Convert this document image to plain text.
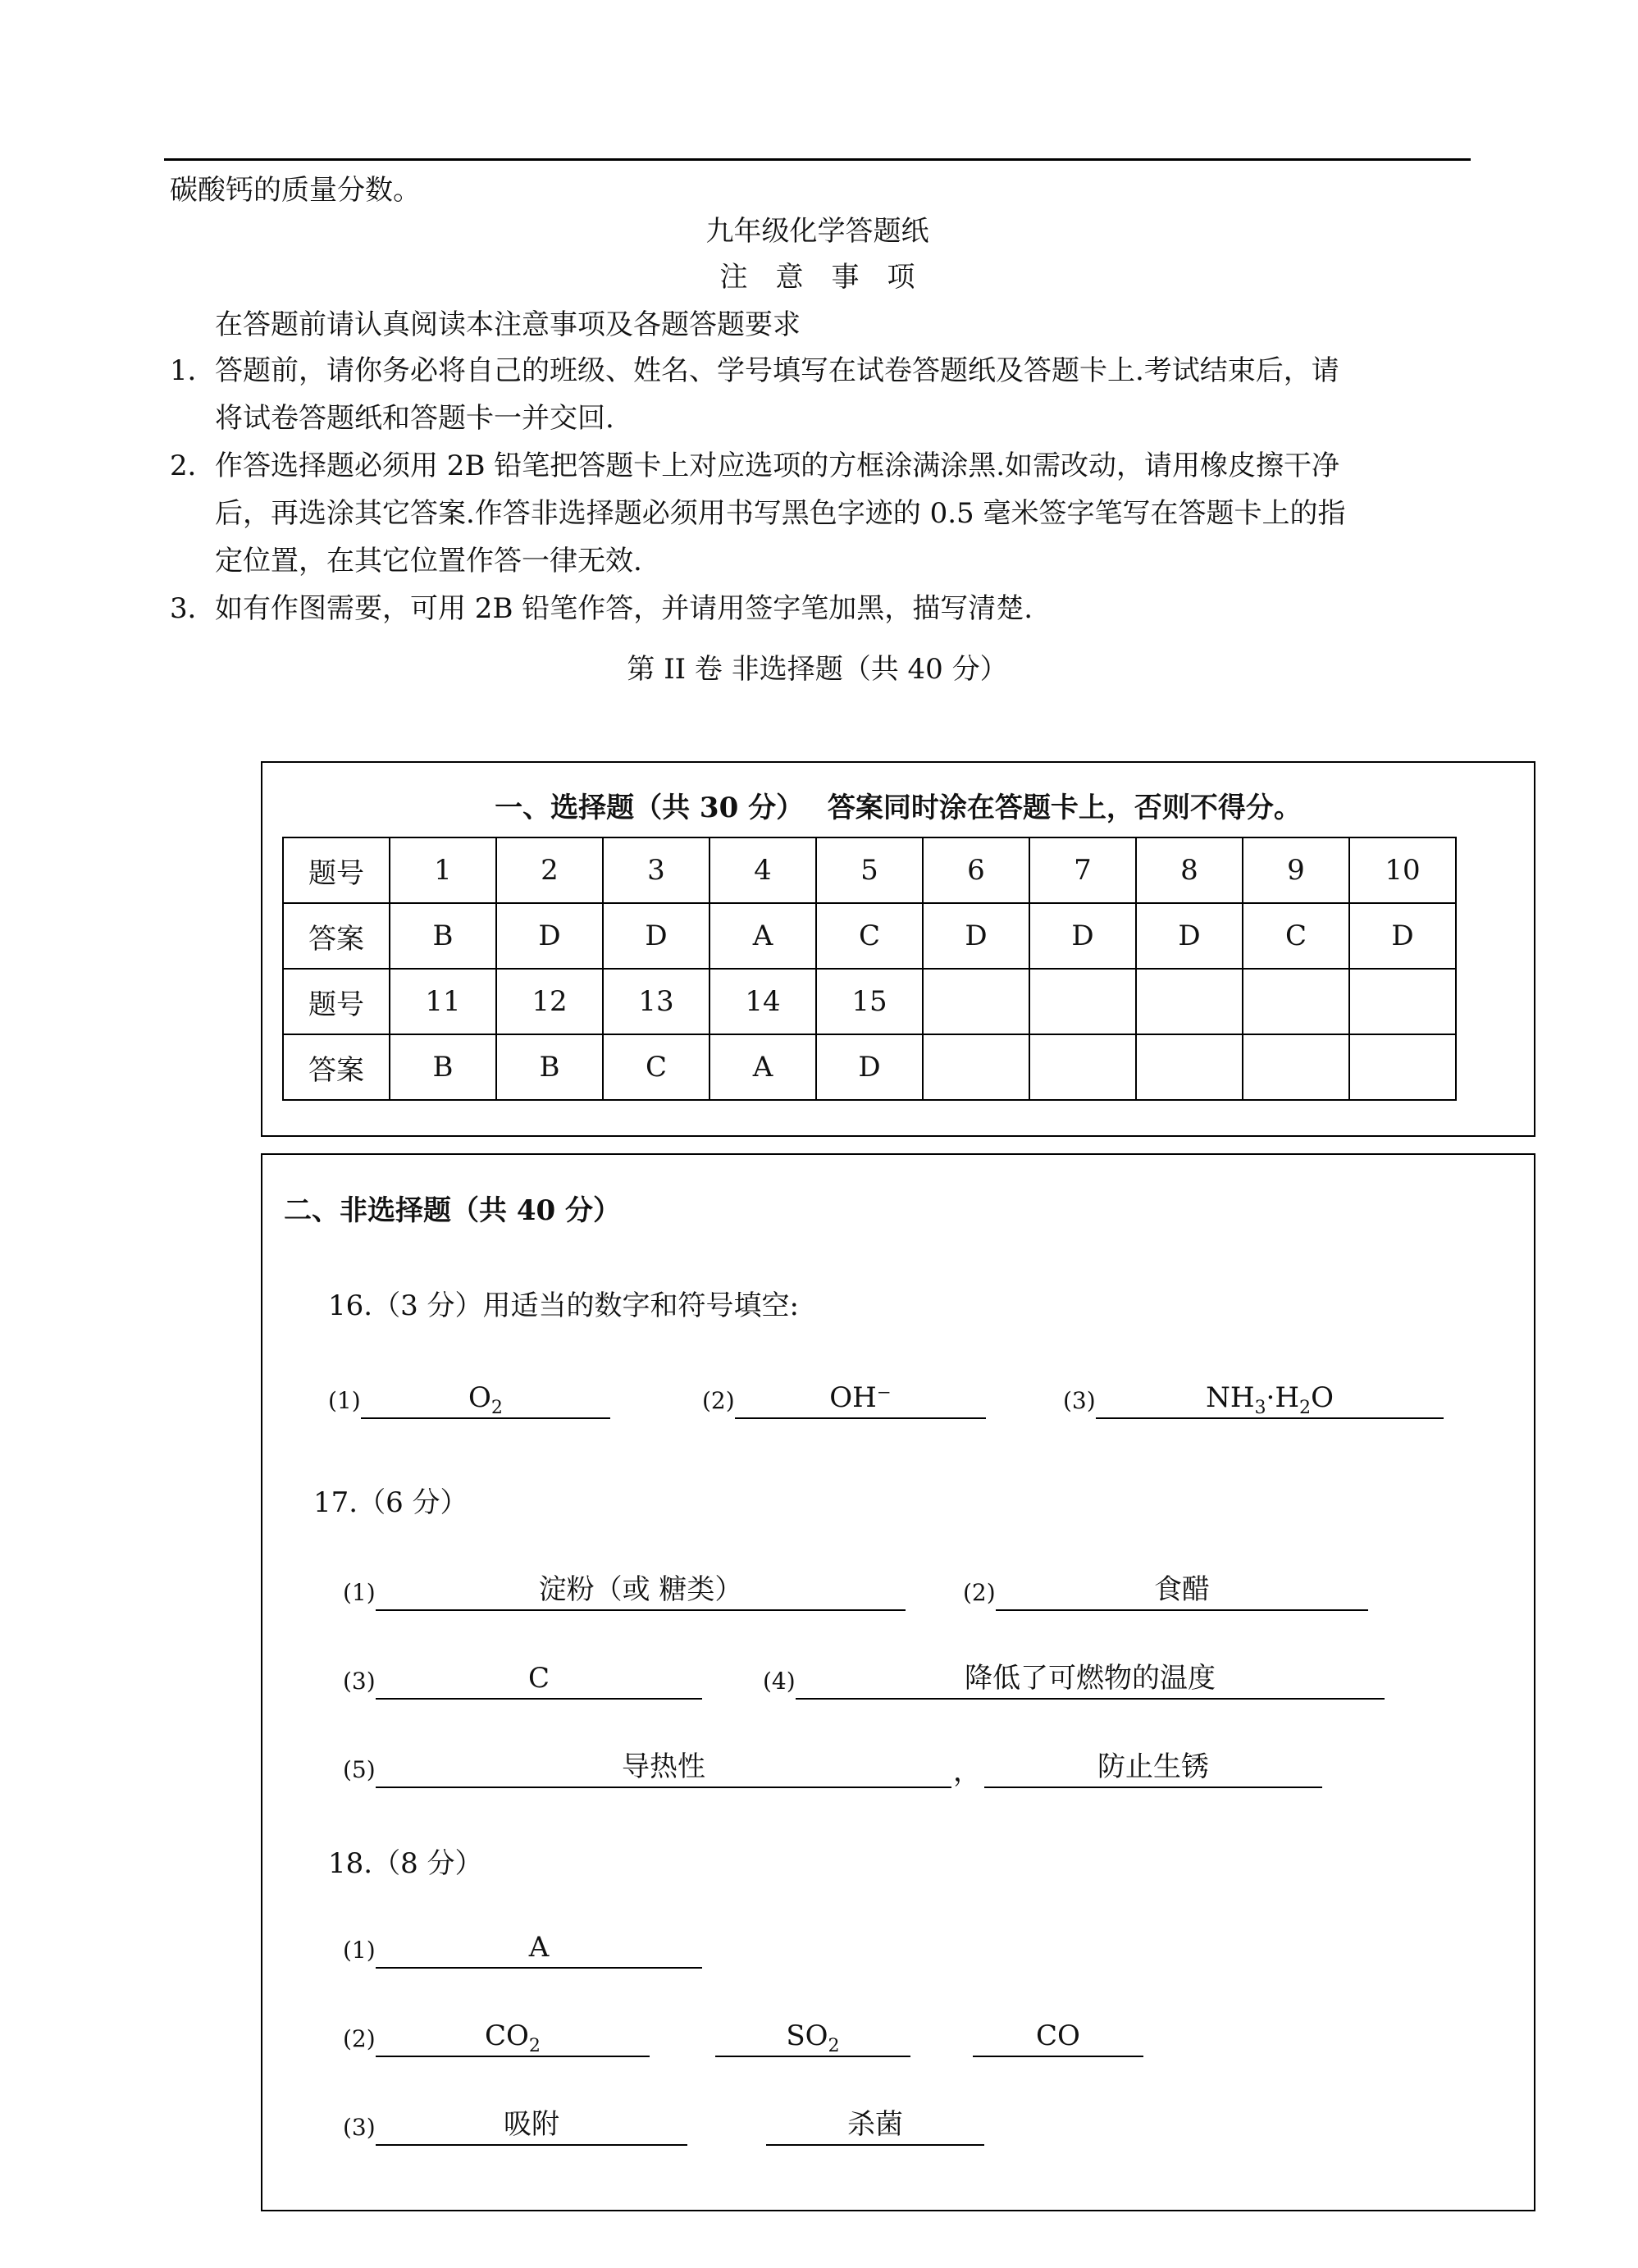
碳酸钙的质量分数。
九年级化学答题纸
注　意　事　项
在答题前请认真阅读本注意事项及各题答题要求
1． 答题前，请你务必将自己的班级、姓名、学号填写在试卷答题纸及答题卡上.考试结束后，请
将试卷答题纸和答题卡一并交回.
2． 作答选择题必须用 2B 铅笔把答题卡上对应选项的方框涂满涂黑.如需改动，请用橡皮擦干净
后，再选涂其它答案.作答非选择题必须用书写黑色字迹的 0.5 毫米签字笔写在答题卡上的指
定位置，在其它位置作答一律无效.
3． 如有作图需要，可用 2B 铅笔作答，并请用签字笔加黑，描写清楚.
第 II 卷 非选择题（共 40 分）
一、选择题（共 30 分）　 答案同时涂在答题卡上，否则不得分。
题号	1	2	3	4	5	6	7	8	9	10
答案	B	D	D	A	C	D	D	D	C	D
题号	11	12	13	14	15					
答案	B	B	C	A	D					
二、非选择题（共 40 分）
16.（3 分）用适当的数字和符号填空:
(1)	$O_2$	(2)	OH⁻	(3)	$NH_3\cdot H_2O$
17.（6 分）
(1)	淀粉（或 糖类）	(2)	食醋
(3)	C	(4)	降低了可燃物的温度
(5)	导热性	，	防止生锈
18.（8 分）
(1)	A
(2)	$CO_2$	$SO_2$	CO
(3)	吸附	杀菌
